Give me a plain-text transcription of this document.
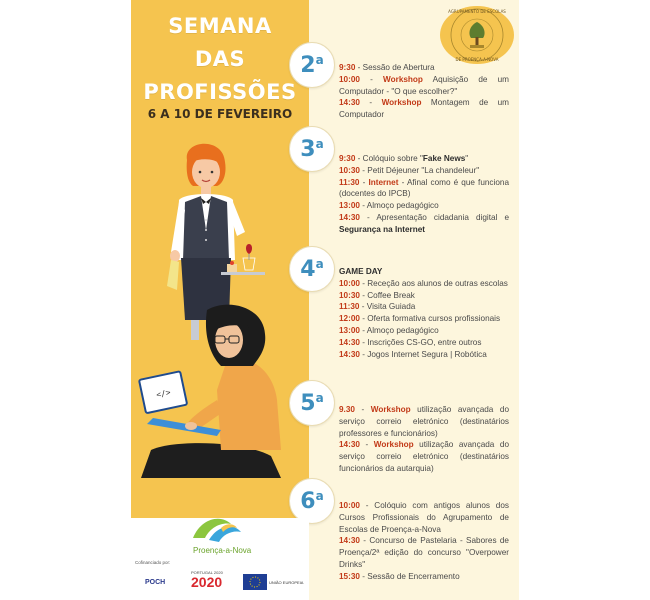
SEMANA
DAS
PROFISSÕES
6 A 10 DE FEVEREIRO
AGRUPAMENTO DE ESCOLAS
DE PROENÇA-A-NOVA
</>
$2^a$
3$^a$
4$^a$
5$^a$
6$^a$
9:30 - Sessão de Abertura
10:00 - Workshop Aquisição de um Computador - "O que escolher?"
14:30 - Workshop Montagem de um Computador
9:30 - Colóquio sobre "Fake News"
10:30 - Petit Déjeuner "La chandeleur"
11:30 - Internet - Afinal como é que funciona (docentes do IPCB)
13:00 - Almoço pedagógico
14:30 - Apresentação cidadania digital e Segurança na Internet
GAME DAY
10:00 - Receção aos alunos de outras escolas
10:30 - Coffee Break
11:30 - Visita Guiada
12:00 - Oferta formativa cursos profissionais
13:00 - Almoço pedagógico
14:30 - Inscrições CS-GO, entre outros
14:30 - Jogos Internet Segura | Robótica
9.30 - Workshop utilização avançada do serviço correio eletrónico (destinatários professores e funcionários)
14:30 - Workshop utilização avançada do serviço correio eletrónico (destinatários funcionários da autarquia)
10:00 - Colóquio com antigos alunos dos Cursos Profissionais do Agrupamento de Escolas de Proença-a-Nova
14:30 - Concurso de Pastelaria - Sabores de Proença/2ª edição do concurso "Overpower Drinks"
15:30 - Sessão de Encerramento
Proença-a-Nova
Cofinanciado por:
POCH
PORTUGAL 2020
2020	UNIÃO EUROPEIA
